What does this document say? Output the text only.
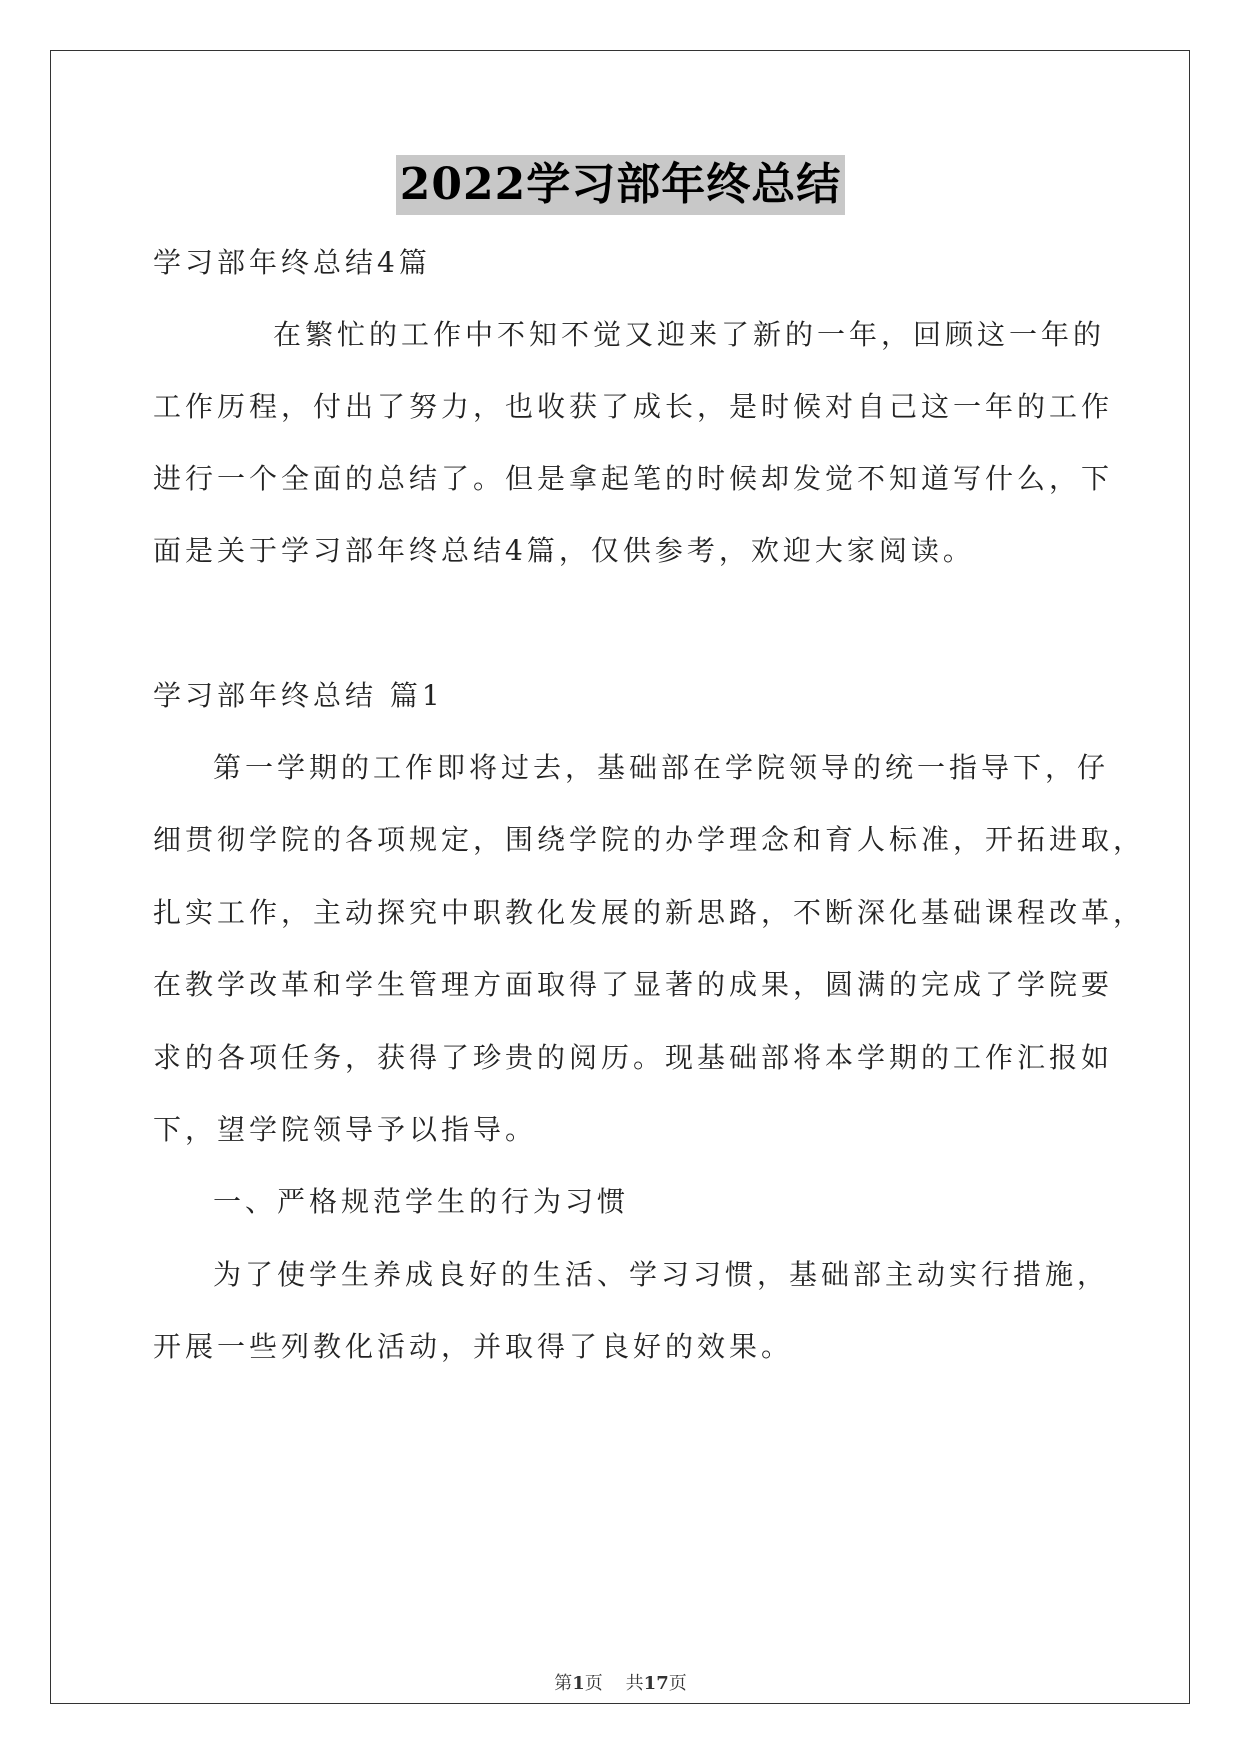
2022学习部年终总结
学习部年终总结4篇
在繁忙的工作中不知不觉又迎来了新的一年，回顾这一年的
工作历程，付出了努力，也收获了成长，是时候对自己这一年的工作
进行一个全面的总结了。但是拿起笔的时候却发觉不知道写什么，下
面是关于学习部年终总结4篇，仅供参考，欢迎大家阅读。
学习部年终总结 篇1
第一学期的工作即将过去，基础部在学院领导的统一指导下，仔
细贯彻学院的各项规定，围绕学院的办学理念和育人标准，开拓进取，
扎实工作，主动探究中职教化发展的新思路，不断深化基础课程改革，
在教学改革和学生管理方面取得了显著的成果，圆满的完成了学院要
求的各项任务，获得了珍贵的阅历。现基础部将本学期的工作汇报如
下，望学院领导予以指导。
一、严格规范学生的行为习惯
为了使学生养成良好的生活、学习习惯，基础部主动实行措施，
开展一些列教化活动，并取得了良好的效果。
第1页 共17页
